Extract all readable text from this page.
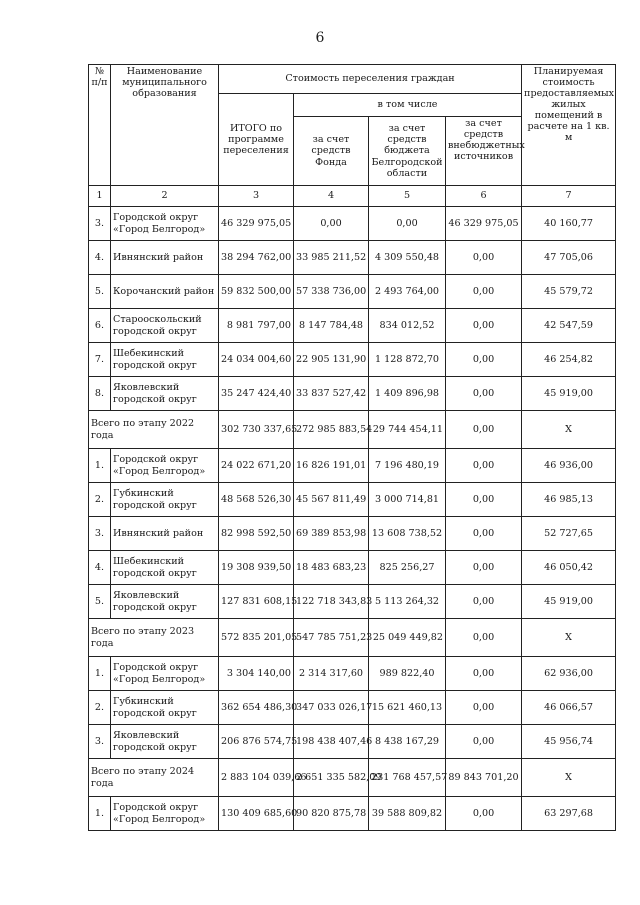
6
№ п/п	Наименование муниципального образования	Стоимость переселения граждан				Планируемая стоимость предоставляемых жилых помещений в расчете на 1 кв. м
		ИТОГО по программе переселения	в том числе			
			за счет средств Фонда	за счет средств бюджета Белгородской области	за счет средств внебюджетных источников	
1	2	3	4	5	6	7
3.	Городской округ «Город Белгород»	46 329 975,05	0,00	0,00	46 329 975,05	40 160,77
4.	Ивнянский район	38 294 762,00	33 985 211,52	4 309 550,48	0,00	47 705,06
5.	Корочанский район	59 832 500,00	57 338 736,00	2 493 764,00	0,00	45 579,72
6.	Старооскольский городской округ	8 981 797,00	8 147 784,48	834 012,52	0,00	42 547,59
7.	Шебекинский городской округ	24 034 004,60	22 905 131,90	1 128 872,70	0,00	46 254,82
8.	Яковлевский городской округ	35 247 424,40	33 837 527,42	1 409 896,98	0,00	45 919,00
Всего по этапу 2022 года		302 730 337,65	272 985 883,54	29 744 454,11	0,00	X
1.	Городской округ «Город Белгород»	24 022 671,20	16 826 191,01	7 196 480,19	0,00	46 936,00
2.	Губкинский городской округ	48 568 526,30	45 567 811,49	3 000 714,81	0,00	46 985,13
3.	Ивнянский район	82 998 592,50	69 389 853,98	13 608 738,52	0,00	52 727,65
4.	Шебекинский городской округ	19 308 939,50	18 483 683,23	825 256,27	0,00	46 050,42
5.	Яковлевский городской округ	127 831 608,15	122 718 343,83	5 113 264,32	0,00	45 919,00
Всего по этапу 2023 года		572 835 201,05	547 785 751,23	25 049 449,82	0,00	X
1.	Городской округ «Город Белгород»	3 304 140,00	2 314 317,60	989 822,40	0,00	62 936,00
2.	Губкинский городской округ	362 654 486,30	347 033 026,17	15 621 460,13	0,00	46 066,57
3.	Яковлевский городской округ	206 876 574,75	198 438 407,46	8 438 167,29	0,00	45 956,74
Всего по этапу 2024 года		2 883 104 039,66	2 651 335 582,09	231 768 457,57	89 843 701,20	X
1.	Городской округ «Город Белгород»	130 409 685,60	90 820 875,78	39 588 809,82	0,00	63 297,68
